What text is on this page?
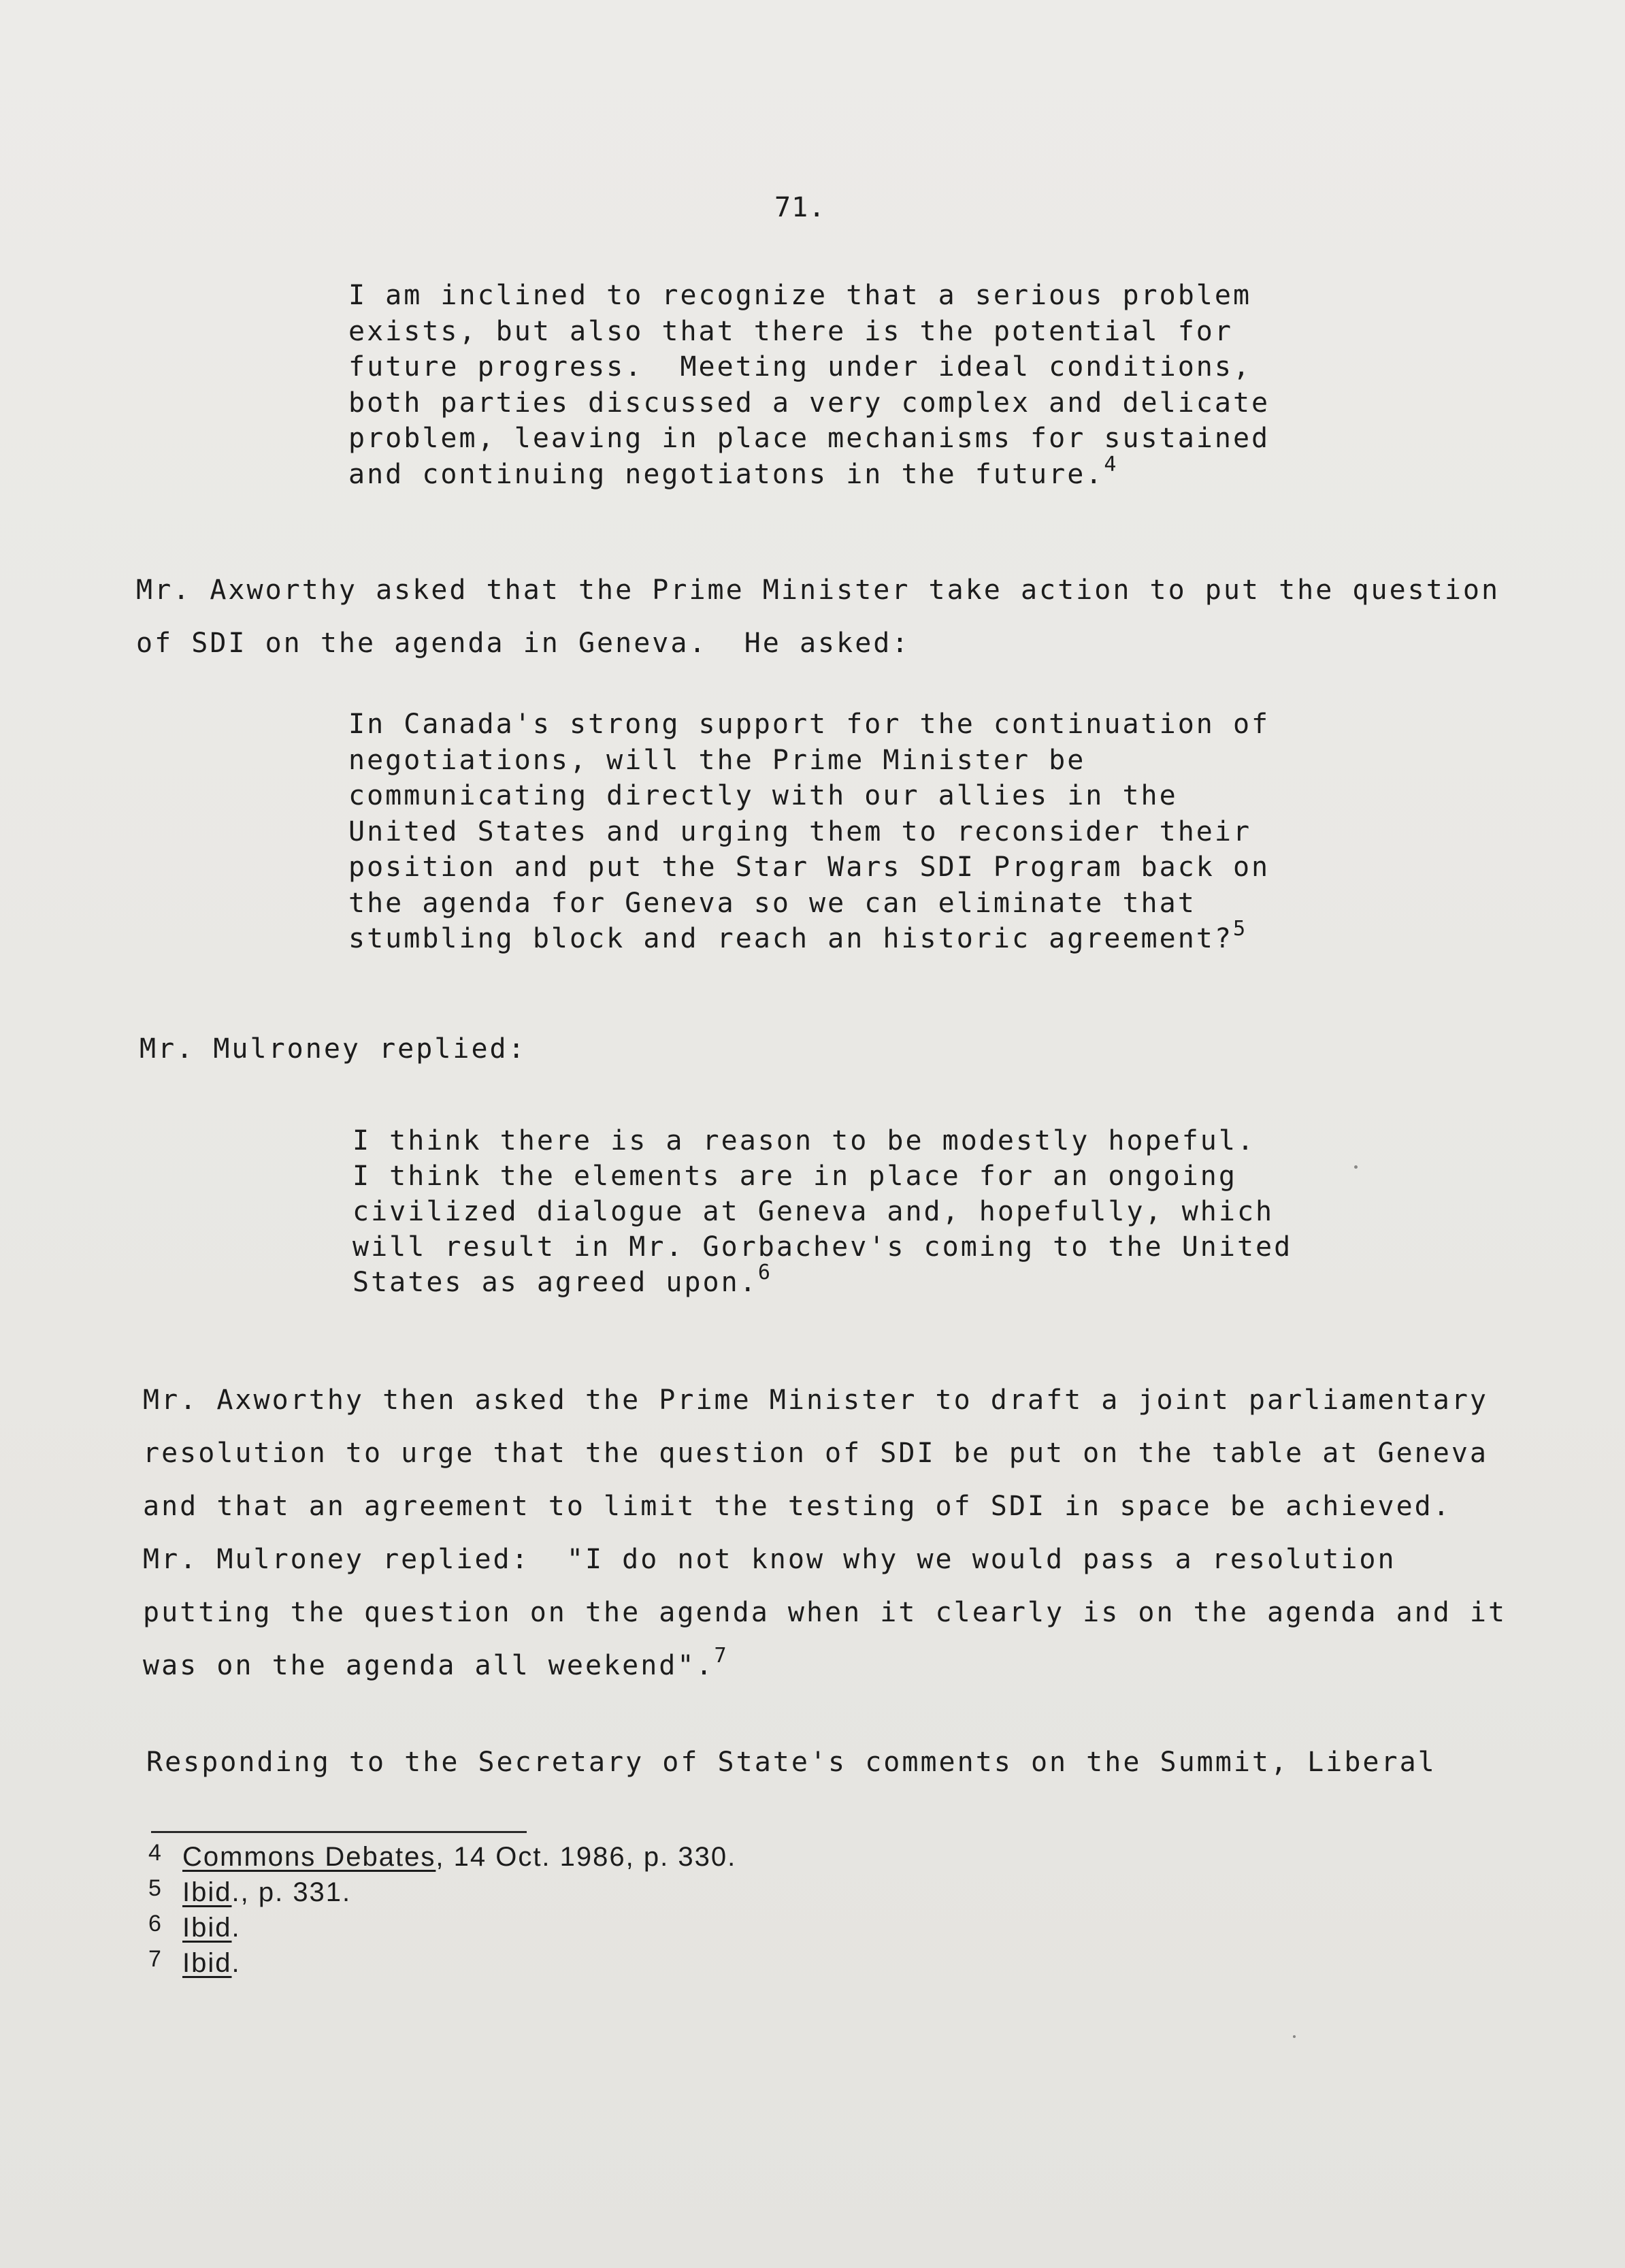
71.
I am inclined to recognize that a serious problem
exists, but also that there is the potential for
future progress.  Meeting under ideal conditions,
both parties discussed a very complex and delicate
problem, leaving in place mechanisms for sustained
and continuing negotiatons in the future.$^4$
Mr. Axworthy asked that the Prime Minister take action to put the question
of SDI on the agenda in Geneva.  He asked:
In Canada's strong support for the continuation of
negotiations, will the Prime Minister be
communicating directly with our allies in the
United States and urging them to reconsider their
position and put the Star Wars SDI Program back on
the agenda for Geneva so we can eliminate that
stumbling block and reach an historic agreement?$^5$
Mr. Mulroney replied:
I think there is a reason to be modestly hopeful.
I think the elements are in place for an ongoing
civilized dialogue at Geneva and, hopefully, which
will result in Mr. Gorbachev's coming to the United
States as agreed upon.$^6$
Mr. Axworthy then asked the Prime Minister to draft a joint parliamentary
resolution to urge that the question of SDI be put on the table at Geneva
and that an agreement to limit the testing of SDI in space be achieved.
Mr. Mulroney replied:  "I do not know why we would pass a resolution
putting the question on the agenda when it clearly is on the agenda and it
was on the agenda all weekend".$^7$
Responding to the Secretary of State's comments on the Summit, Liberal
4 Commons Debates, 14 Oct. 1986, p. 330.
5 Ibid., p. 331.
6 Ibid.
7 Ibid.
